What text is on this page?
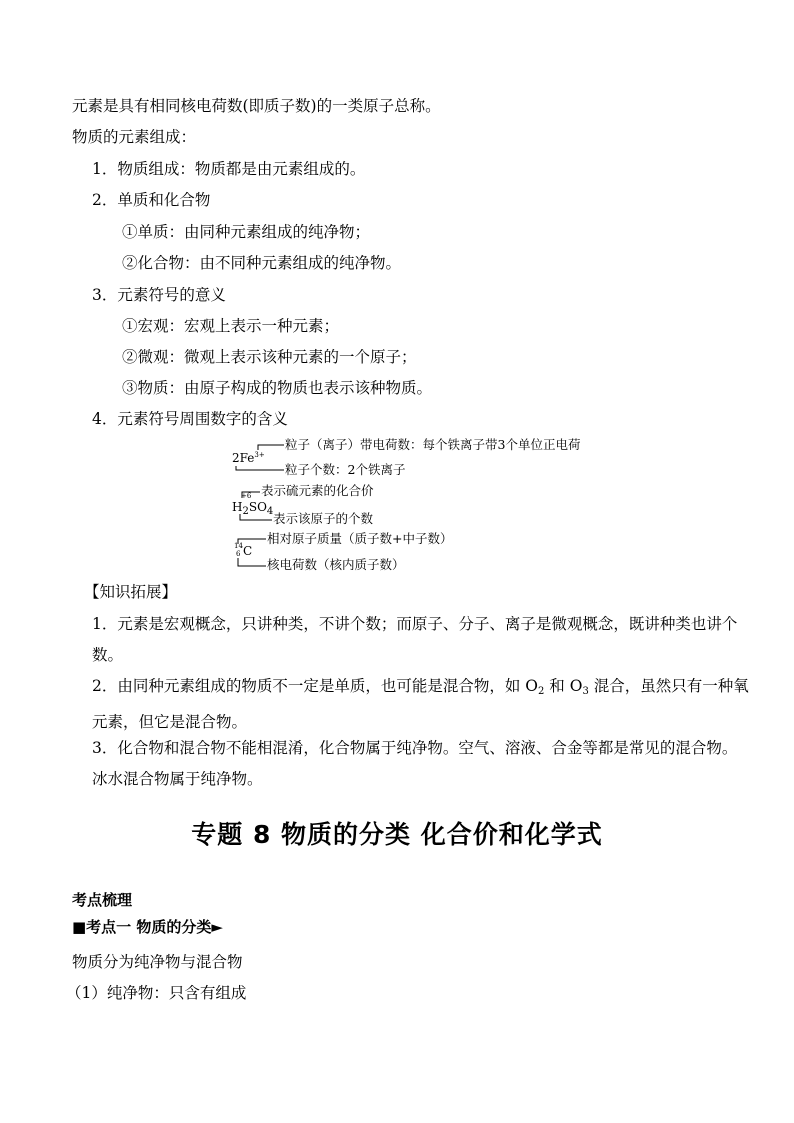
元素是具有相同核电荷数(即质子数)的一类原子总称。
物质的元素组成：
1．物质组成：物质都是由元素组成的。
2．单质和化合物
①单质：由同种元素组成的纯净物；
②化合物：由不同种元素组成的纯净物。
3．元素符号的意义
①宏观：宏观上表示一种元素；
②微观：微观上表示该种元素的一个原子；
③物质：由原子构成的物质也表示该种物质。
4．元素符号周围数字的含义
$2Fe^{3+}$
粒子（离子）带电荷数：每个铁离子带3个单位正电荷
粒子个数：2个铁离子
+6
$H_2SO_4$
表示硫元素的化合价
表示该原子的个数
14
6 C
相对原子质量（质子数+中子数）
核电荷数（核内质子数）
【知识拓展】
1．元素是宏观概念，只讲种类，不讲个数；而原子、分子、离子是微观概念，既讲种类也讲个数。
2．由同种元素组成的物质不一定是单质，也可能是混合物，如 $O_2$ 和 $O_3$ 混合，虽然只有一种氧元素，但它是混合物。
3．化合物和混合物不能相混淆，化合物属于纯净物。空气、溶液、合金等都是常见的混合物。冰水混合物属于纯净物。
专题 8 物质的分类 化合价和化学式
考点梳理
■考点一 物质的分类►
物质分为纯净物与混合物
（1）纯净物：只含有组成
